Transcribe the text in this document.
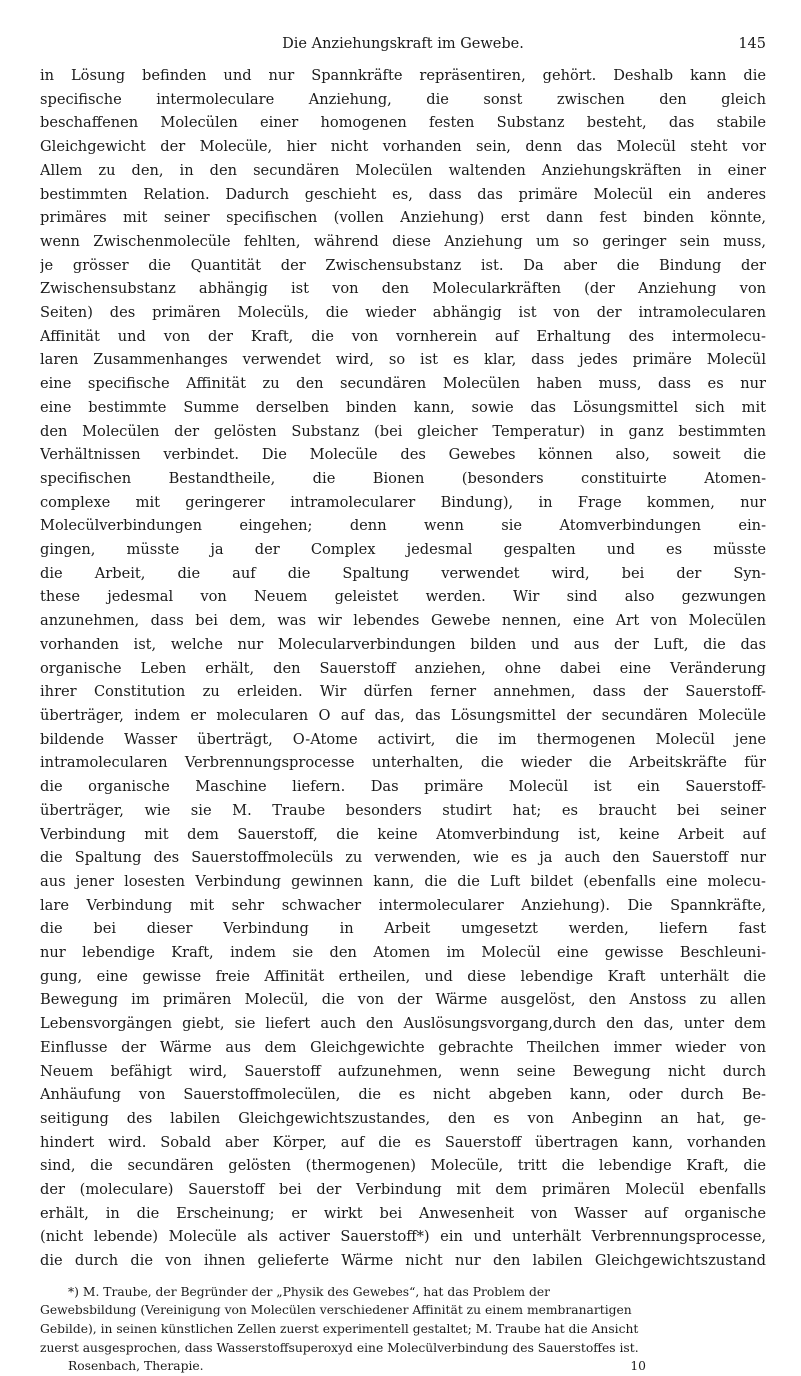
Die Anziehungskraft im Gewebe.	145
in Lösung befinden und nur Spannkräfte repräsentiren, gehört. Deshalb kann die
specifische intermoleculare Anziehung, die sonst zwischen den gleich
beschaffenen Molecülen einer homogenen festen Substanz besteht, das stabile
Gleichgewicht der Molecüle, hier nicht vorhanden sein, denn das Molecül steht vor
Allem zu den, in den secundären Molecülen waltenden Anziehungskräften in einer
bestimmten Relation. Dadurch geschieht es, dass das primäre Molecül ein anderes
primäres mit seiner specifischen (vollen Anziehung) erst dann fest binden könnte,
wenn Zwischenmolecüle fehlten, während diese Anziehung um so geringer sein muss,
je grösser die Quantität der Zwischensubstanz ist. Da aber die Bindung der
Zwischensubstanz abhängig ist von den Molecularkräften (der Anziehung von
Seiten) des primären Molecüls, die wieder abhängig ist von der intramolecularen
Affinität und von der Kraft, die von vornherein auf Erhaltung des intermolecu-
laren Zusammenhanges verwendet wird, so ist es klar, dass jedes primäre Molecül
eine specifische Affinität zu den secundären Molecülen haben muss, dass es nur
eine bestimmte Summe derselben binden kann, sowie das Lösungsmittel sich mit
den Molecülen der gelösten Substanz (bei gleicher Temperatur) in ganz bestimmten
Verhältnissen verbindet. Die Molecüle des Gewebes können also, soweit die
specifischen Bestandtheile, die Bionen (besonders constituirte Atomen-
complexe mit geringerer intramolecularer Bindung), in Frage kommen, nur
Molecülverbindungen eingehen; denn wenn sie Atomverbindungen ein-
gingen, müsste ja der Complex jedesmal gespalten und es müsste
die Arbeit, die auf die Spaltung verwendet wird, bei der Syn-
these jedesmal von Neuem geleistet werden. Wir sind also gezwungen
anzunehmen, dass bei dem, was wir lebendes Gewebe nennen, eine Art von Molecülen
vorhanden ist, welche nur Molecularverbindungen bilden und aus der Luft, die das
organische Leben erhält, den Sauerstoff anziehen, ohne dabei eine Veränderung
ihrer Constitution zu erleiden. Wir dürfen ferner annehmen, dass der Sauerstoff-
überträger, indem er molecularen O auf das, das Lösungsmittel der secundären Molecüle
bildende Wasser überträgt, O-Atome activirt, die im thermogenen Molecül jene
intramolecularen Verbrennungsprocesse unterhalten, die wieder die Arbeitskräfte für
die organische Maschine liefern. Das primäre Molecül ist ein Sauerstoff-
überträger, wie sie M. Traube besonders studirt hat; es braucht bei seiner
Verbindung mit dem Sauerstoff, die keine Atomverbindung ist, keine Arbeit auf
die Spaltung des Sauerstoffmolecüls zu verwenden, wie es ja auch den Sauerstoff nur
aus jener losesten Verbindung gewinnen kann, die die Luft bildet (ebenfalls eine molecu-
lare Verbindung mit sehr schwacher intermolecularer Anziehung). Die Spannkräfte,
die bei dieser Verbindung in Arbeit umgesetzt werden, liefern fast
nur lebendige Kraft, indem sie den Atomen im Molecül eine gewisse Beschleuni-
gung, eine gewisse freie Affinität ertheilen, und diese lebendige Kraft unterhält die
Bewegung im primären Molecül, die von der Wärme ausgelöst, den Anstoss zu allen
Lebensvorgängen giebt, sie liefert auch den Auslösungsvorgang,durch den das, unter dem
Einflusse der Wärme aus dem Gleichgewichte gebrachte Theilchen immer wieder von
Neuem befähigt wird, Sauerstoff aufzunehmen, wenn seine Bewegung nicht durch
Anhäufung von Sauerstoffmolecülen, die es nicht abgeben kann, oder durch Be-
seitigung des labilen Gleichgewichtszustandes, den es von Anbeginn an hat, ge-
hindert wird. Sobald aber Körper, auf die es Sauerstoff übertragen kann, vorhanden
sind, die secundären gelösten (thermogenen) Molecüle, tritt die lebendige Kraft, die
der (moleculare) Sauerstoff bei der Verbindung mit dem primären Molecül ebenfalls
erhält, in die Erscheinung; er wirkt bei Anwesenheit von Wasser auf organische
(nicht lebende) Molecüle als activer Sauerstoff*) ein und unterhält Verbrennungsprocesse,
die durch die von ihnen gelieferte Wärme nicht nur den labilen Gleichgewichtszustand
*) M. Traube, der Begründer der „Physik des Gewebes“, hat das Problem der
Gewebsbildung (Vereinigung von Molecülen verschiedener Affinität zu einem membranartigen
Gebilde), in seinen künstlichen Zellen zuerst experimentell gestaltet; M. Traube hat die Ansicht
zuerst ausgesprochen, dass Wasserstoffsuperoxyd eine Molecülverbindung des Sauerstoffes ist.
Rosenbach, Therapie.	10
